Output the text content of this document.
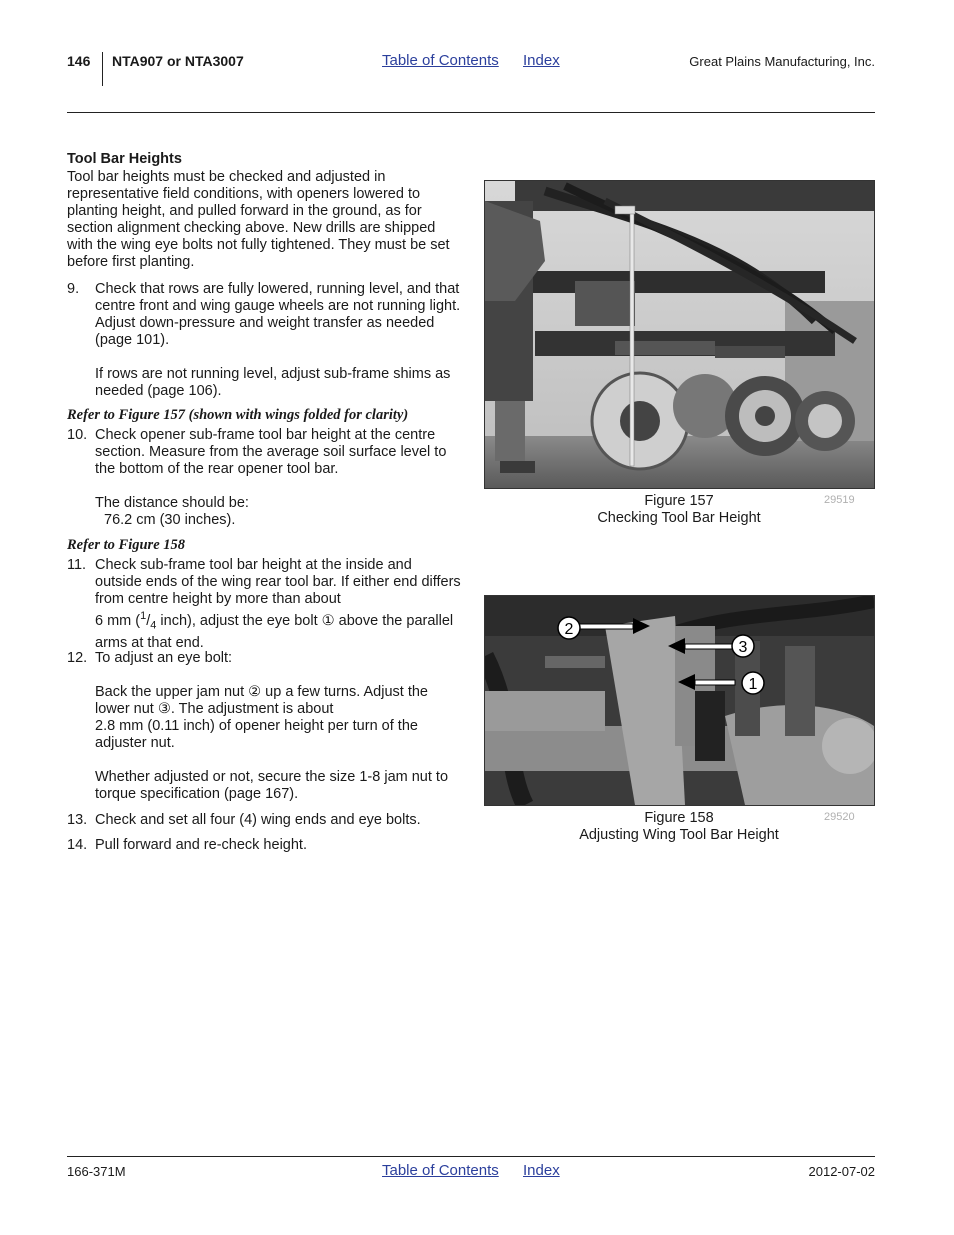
146 NTA907 or NTA3007	Table of Contents Index	Great Plains Manufacturing, Inc.
Tool Bar Heights
Tool bar heights must be checked and adjusted in representative field conditions, with openers lowered to planting height, and pulled forward in the ground, as for section alignment checking above. New drills are shipped with the wing eye bolts not fully tightened. They must be set before first planting.
9. Check that rows are fully lowered, running level, and that centre front and wing gauge wheels are not running light. Adjust down-pressure and weight transfer as needed (page 101).
If rows are not running level, adjust sub-frame shims as needed (page 106).
Refer to Figure 157 (shown with wings folded for clarity)
10. Check opener sub-frame tool bar height at the centre section. Measure from the average soil surface level to the bottom of the rear opener tool bar.
The distance should be:
76.2 cm (30 inches).
Refer to Figure 158
11. Check sub-frame tool bar height at the inside and outside ends of the wing rear tool bar. If either end differs from centre height by more than about
6 mm ($^1/_4$ inch), adjust the eye bolt ① above the parallel arms at that end.
12. To adjust an eye bolt:
Back the upper jam nut ② up a few turns. Adjust the lower nut ③. The adjustment is about
2.8 mm (0.11 inch) of opener height per turn of the adjuster nut.
Whether adjusted or not, secure the size 1-8 jam nut to torque specification (page 167).
13. Check and set all four (4) wing ends and eye bolts.
14. Pull forward and re-check height.
Figure 157
Checking Tool Bar Height
29519
2
3
1
Figure 158
Adjusting Wing Tool Bar Height
29520
166-371M	Table of Contents Index	2012-07-02
